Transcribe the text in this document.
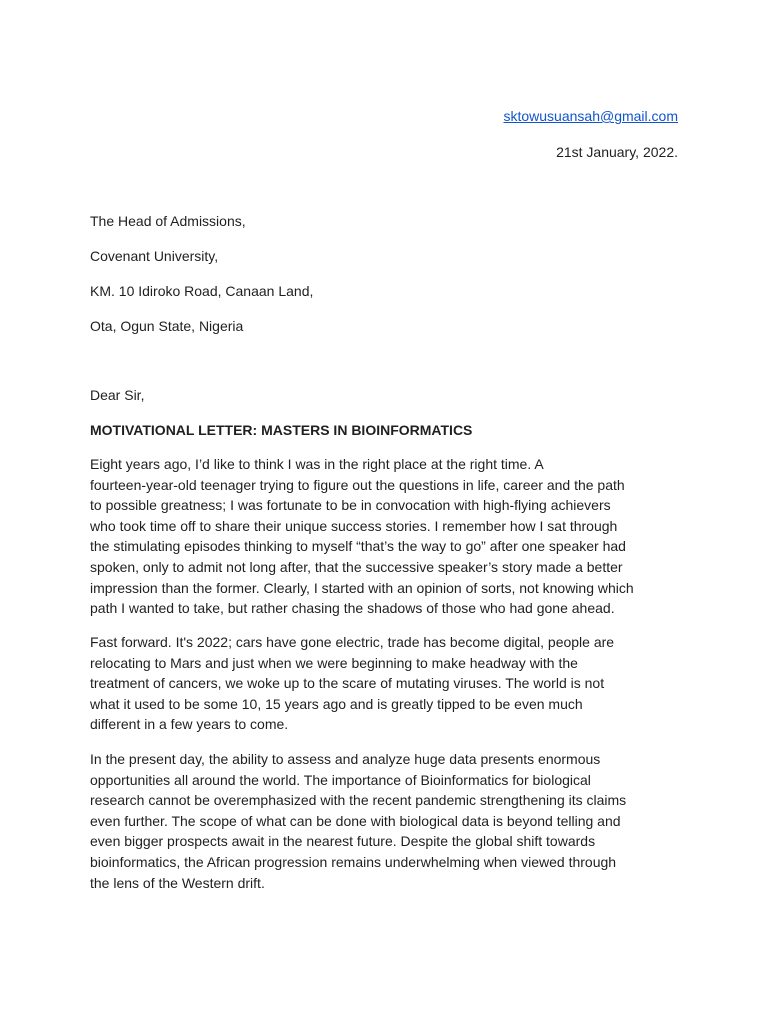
sktowusuansah@gmail.com
21st January, 2022.
The Head of Admissions,
Covenant University,
KM. 10 Idiroko Road, Canaan Land,
Ota, Ogun State, Nigeria
Dear Sir,
MOTIVATIONAL LETTER: MASTERS IN BIOINFORMATICS
Eight years ago, I’d like to think I was in the right place at the right time. A
fourteen-year-old teenager trying to figure out the questions in life, career and the path
to possible greatness; I was fortunate to be in convocation with high-flying achievers
who took time off to share their unique success stories. I remember how I sat through
the stimulating episodes thinking to myself “that’s the way to go” after one speaker had
spoken, only to admit not long after, that the successive speaker’s story made a better
impression than the former. Clearly, I started with an opinion of sorts, not knowing which
path I wanted to take, but rather chasing the shadows of those who had gone ahead.
Fast forward. It's 2022; cars have gone electric, trade has become digital, people are
relocating to Mars and just when we were beginning to make headway with the
treatment of cancers, we woke up to the scare of mutating viruses. The world is not
what it used to be some 10, 15 years ago and is greatly tipped to be even much
different in a few years to come.
In the present day, the ability to assess and analyze huge data presents enormous
opportunities all around the world. The importance of Bioinformatics for biological
research cannot be overemphasized with the recent pandemic strengthening its claims
even further. The scope of what can be done with biological data is beyond telling and
even bigger prospects await in the nearest future. Despite the global shift towards
bioinformatics, the African progression remains underwhelming when viewed through
the lens of the Western drift.
